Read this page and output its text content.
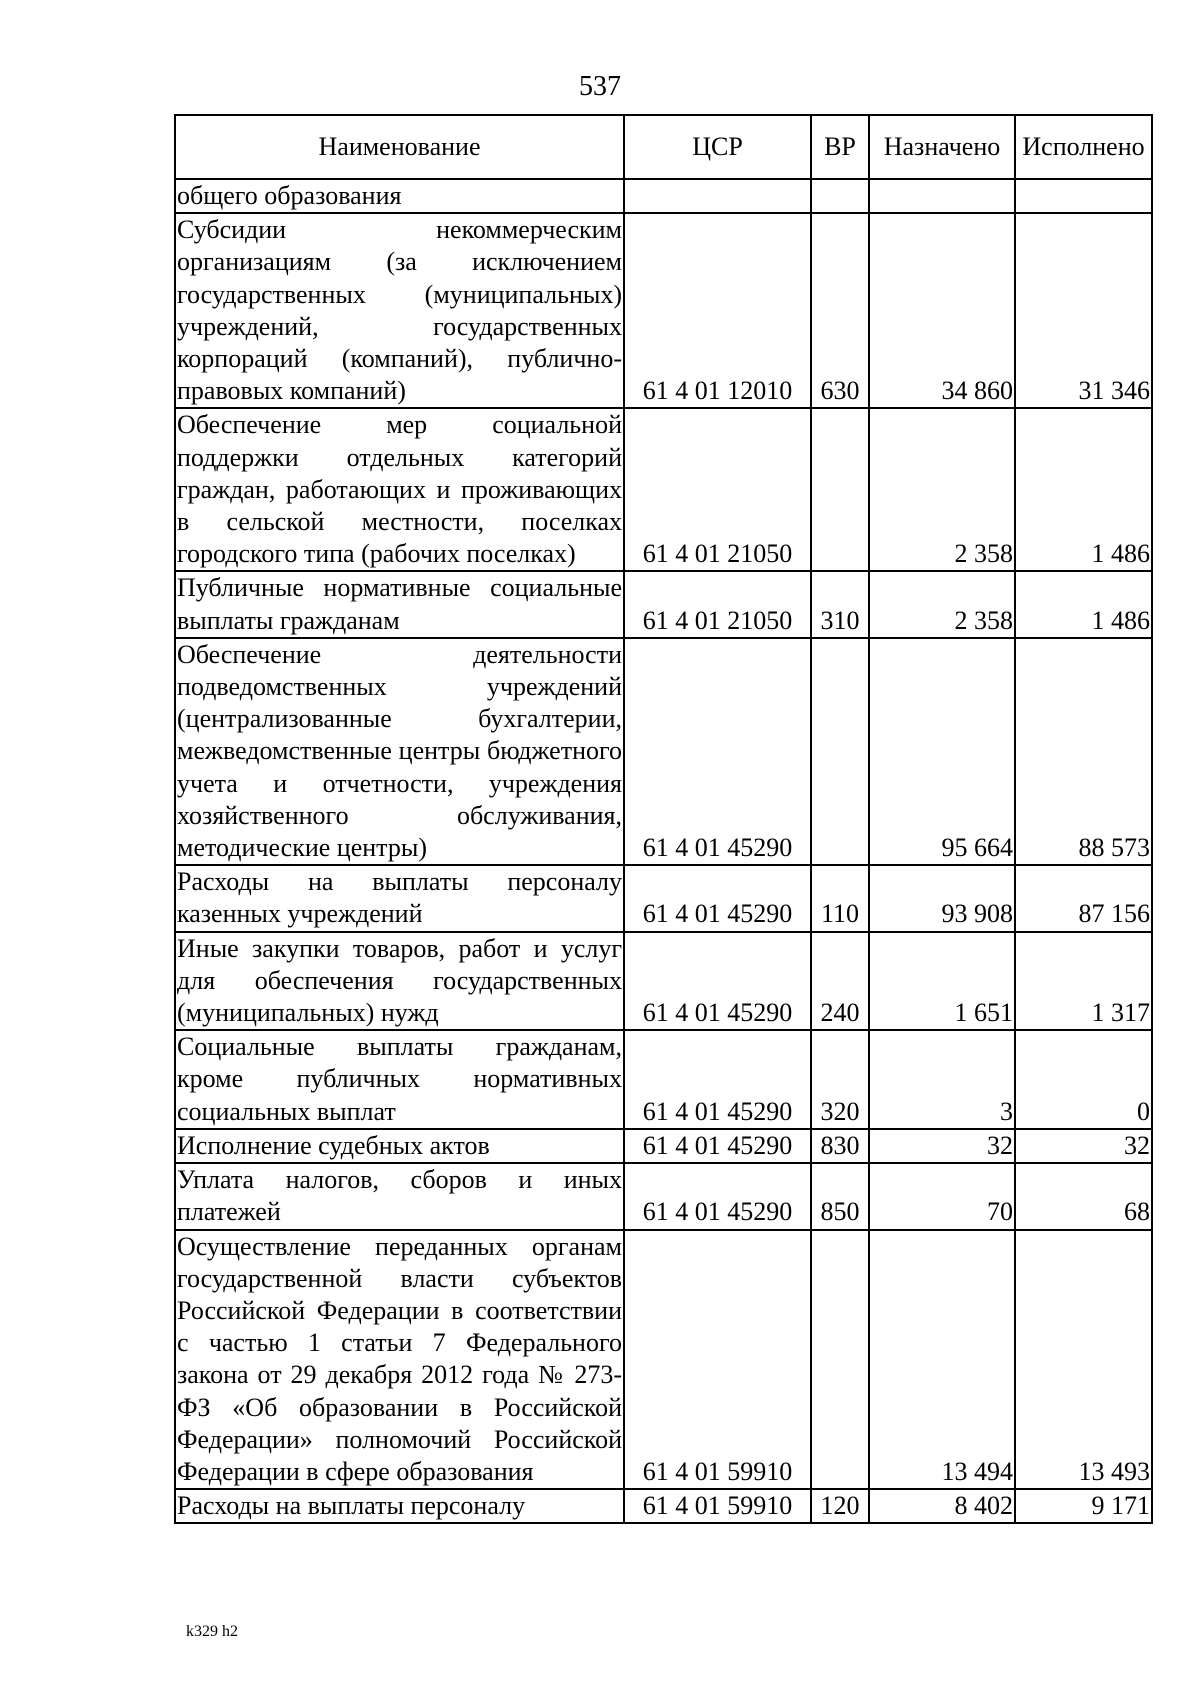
537
Наименование	ЦСР	ВР	Назначено	Исполнено
общего образования				
Субсидии некоммерческим организациям (за исключением государственных (муниципальных) учреждений, государственных корпораций (компаний), публично-правовых компаний)	61 4 01 12010	630	34 860	31 346
Обеспечение мер социальной поддержки отдельных категорий граждан, работающих и проживающих в сельской местности, поселках городского типа (рабочих поселках)	61 4 01 21050		2 358	1 486
Публичные нормативные социальные выплаты гражданам	61 4 01 21050	310	2 358	1 486
Обеспечение деятельности подведомственных учреждений (централизованные бухгалтерии, межведомственные центры бюджетного учета и отчетности, учреждения хозяйственного обслуживания, методические центры)	61 4 01 45290		95 664	88 573
Расходы на выплаты персоналу казенных учреждений	61 4 01 45290	110	93 908	87 156
Иные закупки товаров, работ и услуг для обеспечения государственных (муниципальных) нужд	61 4 01 45290	240	1 651	1 317
Социальные выплаты гражданам, кроме публичных нормативных социальных выплат	61 4 01 45290	320	3	0
Исполнение судебных актов	61 4 01 45290	830	32	32
Уплата налогов, сборов и иных платежей	61 4 01 45290	850	70	68
Осуществление переданных органам государственной власти субъектов Российской Федерации в соответствии с частью 1 статьи 7 Федерального закона от 29 декабря 2012 года № 273-ФЗ «Об образовании в Российской Федерации» полномочий Российской Федерации в сфере образования	61 4 01 59910		13 494	13 493
Расходы на выплаты персоналу	61 4 01 59910	120	8 402	9 171
k329 h2
